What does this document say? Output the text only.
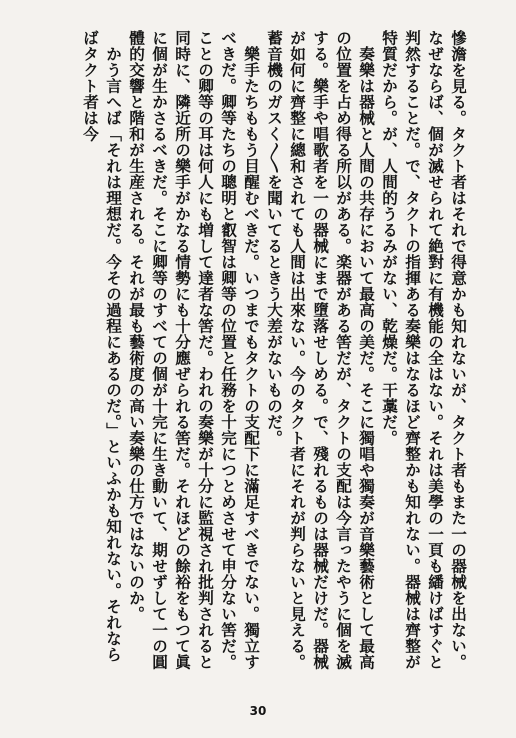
慘澹を見る。タクト者はそれで得意かも知れないが、タクト者もまた一の器械を出ない。なぜならば、個が滅せられて絶對に有機能の全はない。それは美學の一頁も繙けばすぐと判然することだ。で、タクトの指揮ある奏樂はなるほど齊整かも知れない。器械は齊整が特質だから。が、人間的うるみがない、乾燥だ。干藁だ。

奏樂は器械と人間の共存において最高の美だ。そこに獨唱や獨奏が音樂藝術として最高の位置を占め得る所以がある。楽器がある筈だが、タクトの支配は今言ったやうに個を滅する。樂手や唱歌者を一の器械にまで墮落せしめる。で、殘れるものは器械だけだ。器械が如何に齊整に總和されても人間は出來ない。今のタクト者にそれが判らないと見える。蓄音機のガスく〳〵を聞いてるときう大差がないものだ。

樂手たちももう目醒むべきだ。いつまでもタクトの支配下に滿足すべきでない。獨立すべきだ。卿等たちの聰明と叡智は卿等の位置と任務を十完につとめさせて申分ない筈だ。ことの卿等の耳は何人にも増して達者な筈だ。われの奏樂が十分に監視され批判されると同時に、隣近所の樂手がかなる情勢にも十分應ぜられる筈だ。それほどの餘裕をもつて眞に個が生かさるべきだ。そこに卿等のすべての個が十完に生き動いて、期せずして一の圓體的交響と階和が生産される。それが最も藝術度の高い奏樂の仕方ではないのか。

かう言へば「それは理想だ。今その過程にあるのだ。」といふかも知れない。それならばタクト者は今

30
